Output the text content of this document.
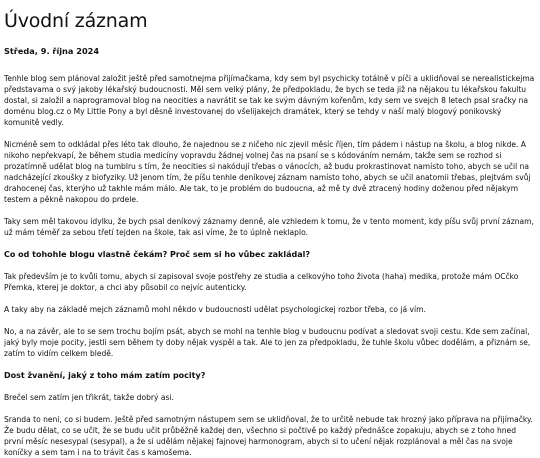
Úvodní záznam
Středa, 9. října 2024

Tenhle blog sem plánoval založit ještě před samotnejma přijímačkama, kdy sem byl psychicky totálně v píči a uklidňoval se nerealistickejma představama o svý jakoby lékařský budoucnosti. Měl sem velký plány, že předpokladu, že bych se teda již na nějakou tu lékařskou fakultu dostal, si založil a naprogramoval blog na neocities a navrátit se tak ke svým dávným kořenům, kdy sem ve svejch 8 letech psal sračky na doménu blog.cz o My Little Pony a byl děsně investovanej do všelijakejch dramátek, který se tehdy v naší malý blogový ponikovský komunitě vedly.

Nicméně sem to odkládal přes léto tak dlouho, že najednou se z ničeho nic zjevil měsíc říjen, tím pádem i nástup na školu, a blog nikde. A nikoho nepřekvapí, že během studia medicíny vopravdu žádnej volnej čas na psaní se s kódováním nemám, takže sem se rozhod si prozatímně udělat blog na tumblru s tím, že neocities si nakódují třebas o vánocích, až budu prokrastinovat namísto toho, abych se učil na nadcházející zkoušky z biofyziky. Už jenom tím, že píšu tenhle deníkovej záznam namísto toho, abych se učil anatomii třebas, plejtvám svůj drahocenej čas, kterýho už takhle mám málo. Ale tak, to je problém do budoucna, až mě ty dvě ztracený hodiny doženou před nějakym testem a pěkně nakopou do prdele.

Taky sem měl takovou idylku, že bych psal deníkový záznamy denně, ale vzhledem k tomu, že v tento moment, kdy píšu svůj první záznam, už mám téměř za sebou třetí tejden na škole, tak asi víme, že to úplně neklaplo.

Co od tohohle blogu vlastně čekám? Proč sem si ho vůbec zakládal?

Tak především je to kvůli tomu, abych si zapisoval svoje postřehy ze studia a celkovýho toho života (haha) medika, protože mám OCčko Přemka, kterej je doktor, a chci aby působil co nejvíc autenticky.

A taky aby na základě mejch záznamů mohl někdo v budoucnosti udělat psychologickej rozbor třeba, co já vím.

No, a na závěr, ale to se sem trochu bojím psát, abych se mohl na tenhle blog v budoucnu podívat a sledovat svoji cestu. Kde sem začínal, jaký byly moje pocity, jestli sem během ty doby nějak vyspěl a tak. Ale to jen za předpokladu, že tuhle školu vůbec dodělám, a přiznám se, zatím to vidím celkem bledě.

Dost žvanění, jaký z toho mám zatím pocity?

Brečel sem zatím jen třikrát, takže dobrý asi.

Sranda to neni, co si budem. Ještě před samotným nástupem sem se uklidňoval, že to určitě nebude tak hrozný jako příprava na přijímačky. Že budu dělat, co se učit, že se budu učit průběžně každej den, všechno si počtivě po každý přednášce zopakuju, abych se z toho hned první měsíc nesesypal (sesypal), a že si udělám nějakej fajnovej harmonogram, abych si to učení nějak rozplánoval a měl čas na svoje koníčky a sem tam i na to trávit čas s kamošema.
